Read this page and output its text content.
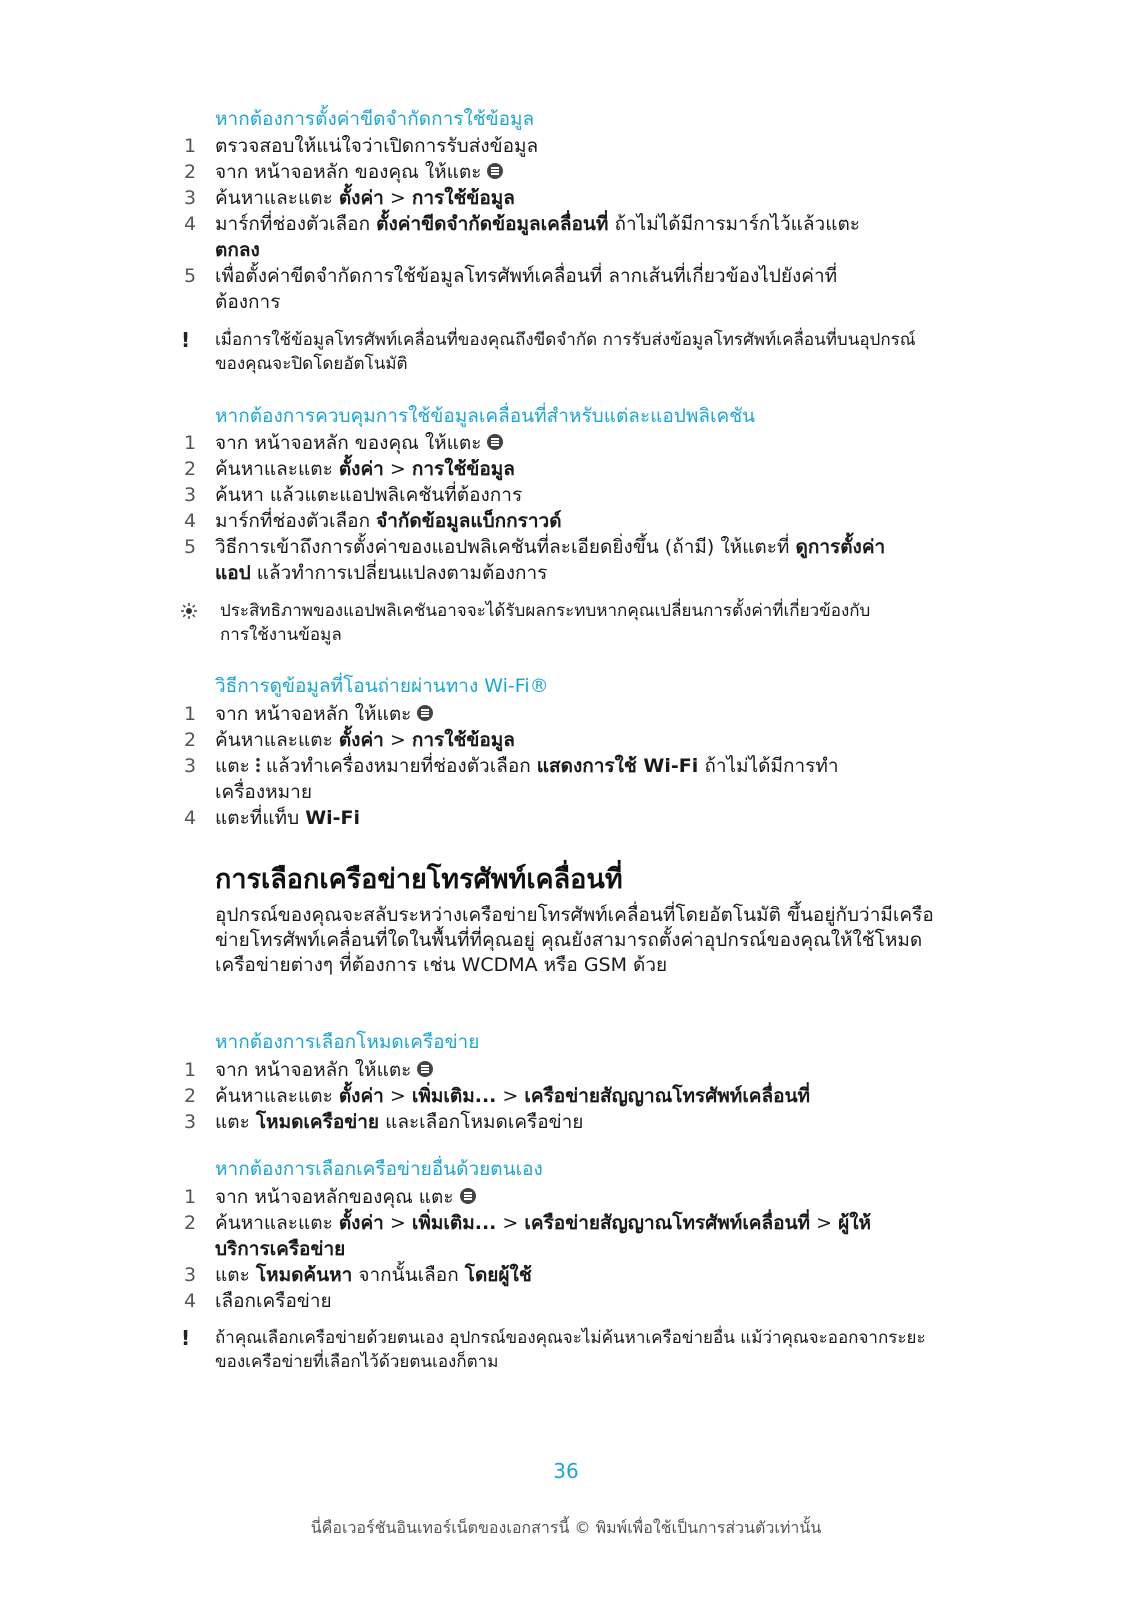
หากต้องการตั้งค่าขีดจำกัดการใช้ข้อมูล
1 ตรวจสอบให้แน่ใจว่าเปิดการรับส่งข้อมูล
2 จาก หน้าจอหลัก ของคุณ ให้แตะ
3 ค้นหาและแตะ ตั้งค่า > การใช้ข้อมูล
4 มาร์กที่ช่องตัวเลือก ตั้งค่าขีดจำกัดข้อมูลเคลื่อนที่ ถ้าไม่ได้มีการมาร์กไว้แล้วแตะ ตกลง
5 เพื่อตั้งค่าขีดจำกัดการใช้ข้อมูลโทรศัพท์เคลื่อนที่ ลากเส้นที่เกี่ยวข้องไปยังค่าที่ต้องการ
! เมื่อการใช้ข้อมูลโทรศัพท์เคลื่อนที่ของคุณถึงขีดจำกัด การรับส่งข้อมูลโทรศัพท์เคลื่อนที่บนอุปกรณ์ของคุณจะปิดโดยอัตโนมัติ
หากต้องการควบคุมการใช้ข้อมูลเคลื่อนที่สำหรับแต่ละแอปพลิเคชัน
1 จาก หน้าจอหลัก ของคุณ ให้แตะ
2 ค้นหาและแตะ ตั้งค่า > การใช้ข้อมูล
3 ค้นหา แล้วแตะแอปพลิเคชันที่ต้องการ
4 มาร์กที่ช่องตัวเลือก จำกัดข้อมูลแบ็กกราวด์
5 วิธีการเข้าถึงการตั้งค่าของแอปพลิเคชันที่ละเอียดยิ่งขึ้น (ถ้ามี) ให้แตะที่ ดูการตั้งค่าแอป แล้วทำการเปลี่ยนแปลงตามต้องการ
ประสิทธิภาพของแอปพลิเคชันอาจจะได้รับผลกระทบหากคุณเปลี่ยนการตั้งค่าที่เกี่ยวข้องกับการใช้งานข้อมูล
วิธีการดูข้อมูลที่โอนถ่ายผ่านทาง Wi-Fi®
1 จาก หน้าจอหลัก ให้แตะ
2 ค้นหาและแตะ ตั้งค่า > การใช้ข้อมูล
3 แตะ  แล้วทำเครื่องหมายที่ช่องตัวเลือก แสดงการใช้ Wi-Fi ถ้าไม่ได้มีการทำเครื่องหมาย
4 แตะที่แท็บ Wi-Fi
การเลือกเครือข่ายโทรศัพท์เคลื่อนที่

อุปกรณ์ของคุณจะสลับระหว่างเครือข่ายโทรศัพท์เคลื่อนที่โดยอัตโนมัติ ขึ้นอยู่กับว่ามีเครือข่ายโทรศัพท์เคลื่อนที่ใดในพื้นที่ที่คุณอยู่ คุณยังสามารถตั้งค่าอุปกรณ์ของคุณให้ใช้โหมดเครือข่ายต่างๆ ที่ต้องการ เช่น WCDMA หรือ GSM ด้วย

หากต้องการเลือกโหมดเครือข่าย
1 จาก หน้าจอหลัก ให้แตะ
2 ค้นหาและแตะ ตั้งค่า > เพิ่มเติม... > เครือข่ายสัญญาณโทรศัพท์เคลื่อนที่
3 แตะ โหมดเครือข่าย และเลือกโหมดเครือข่าย
หากต้องการเลือกเครือข่ายอื่นด้วยตนเอง
1 จาก หน้าจอหลักของคุณ แตะ
2 ค้นหาและแตะ ตั้งค่า > เพิ่มเติม... > เครือข่ายสัญญาณโทรศัพท์เคลื่อนที่ > ผู้ให้บริการเครือข่าย
3 แตะ โหมดค้นหา จากนั้นเลือก โดยผู้ใช้
4 เลือกเครือข่าย
! ถ้าคุณเลือกเครือข่ายด้วยตนเอง อุปกรณ์ของคุณจะไม่ค้นหาเครือข่ายอื่น แม้ว่าคุณจะออกจากระยะของเครือข่ายที่เลือกไว้ด้วยตนเองก็ตาม
36
นี่คือเวอร์ชันอินเทอร์เน็ตของเอกสารนี้ © พิมพ์เพื่อใช้เป็นการส่วนตัวเท่านั้น
